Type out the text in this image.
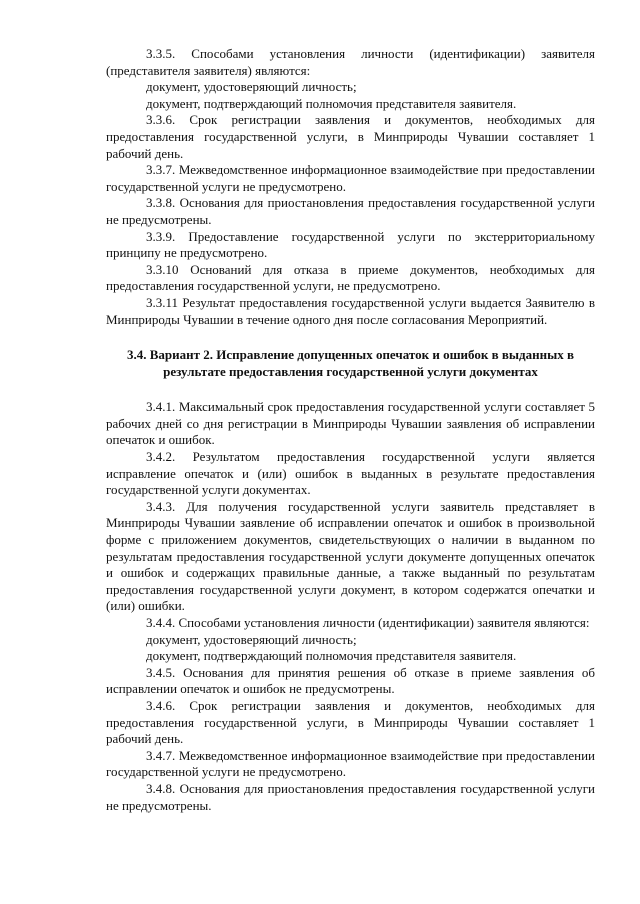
3.3.5. Способами установления личности (идентификации) заявителя (представителя заявителя) являются:

документ, удостоверяющий личность;

документ, подтверждающий полномочия представителя заявителя.

3.3.6. Срок регистрации заявления и документов, необходимых для предоставления государственной услуги, в Минприроды Чувашии составляет 1 рабочий день.

3.3.7. Межведомственное информационное взаимодействие при предоставлении государственной услуги не предусмотрено.

3.3.8. Основания для приостановления предоставления государственной услуги не предусмотрены.

3.3.9. Предоставление государственной услуги по экстерриториальному принципу не предусмотрено.

3.3.10 Оснований для отказа в приеме документов, необходимых для предоставления государственной услуги, не предусмотрено.

3.3.11 Результат предоставления государственной услуги выдается Заявителю в Минприроды Чувашии в течение одного дня после согласования Мероприятий.

3.4. Вариант 2. Исправление допущенных опечаток и ошибок в выданных в результате предоставления государственной услуги документах

3.4.1. Максимальный срок предоставления государственной услуги составляет 5 рабочих дней со дня регистрации в Минприроды Чувашии заявления об исправлении опечаток и ошибок.

3.4.2. Результатом предоставления государственной услуги является исправление опечаток и (или) ошибок в выданных в результате предоставления государственной услуги документах.

3.4.3. Для получения государственной услуги заявитель представляет в Минприроды Чувашии заявление об исправлении опечаток и ошибок в произвольной форме с приложением документов, свидетельствующих о наличии в выданном по результатам предоставления государственной услуги документе допущенных опечаток и ошибок и содержащих правильные данные, а также выданный по результатам предоставления государственной услуги документ, в котором содержатся опечатки и (или) ошибки.

3.4.4. Способами установления личности (идентификации) заявителя являются:

документ, удостоверяющий личность;

документ, подтверждающий полномочия представителя заявителя.

3.4.5. Основания для принятия решения об отказе в приеме заявления об исправлении опечаток и ошибок не предусмотрены.

3.4.6. Срок регистрации заявления и документов, необходимых для предоставления государственной услуги, в Минприроды Чувашии составляет 1 рабочий день.

3.4.7. Межведомственное информационное взаимодействие при предоставлении государственной услуги не предусмотрено.

3.4.8. Основания для приостановления предоставления государственной услуги не предусмотрены.
